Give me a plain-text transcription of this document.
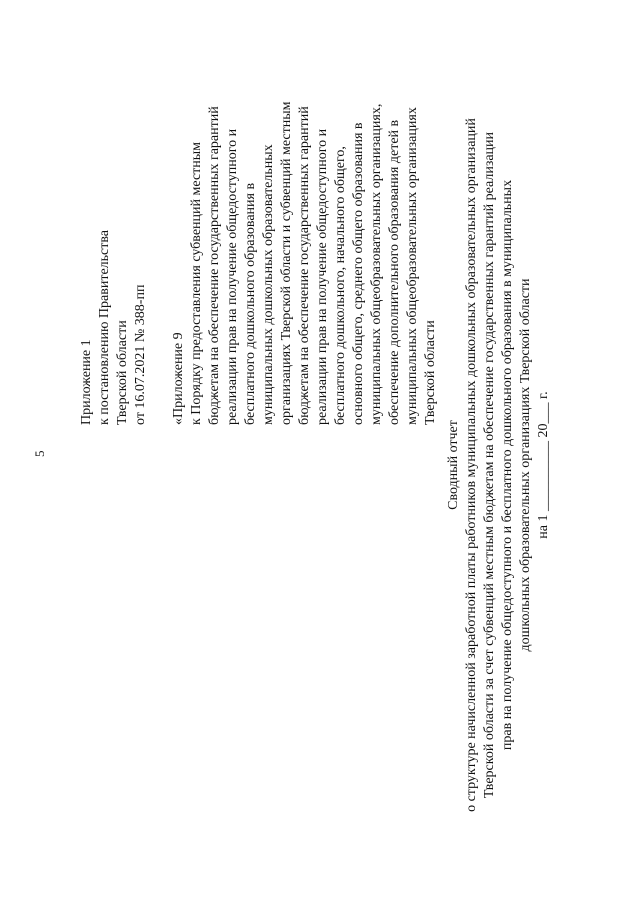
5
Приложение 1 к постановлению Правительства Тверской области от 16.07.2021 № 388-пп «Приложение 9 к Порядку предоставления субвенций местным бюджетам на обеспечение государственных гарантий реализации прав на получение общедоступного и бесплатного дошкольного образования в муниципальных дошкольных образовательных организациях Тверской области и субвенций местным бюджетам на обеспечение государственных гарантий реализации прав на получение общедоступного и бесплатного дошкольного, начального общего, основного общего, среднего общего образования в муниципальных общеобразовательных организациях, обеспечение дополнительного образования детей в муниципальных общеобразовательных организациях Тверской области
Сводный отчет о структуре начисленной заработной платы работников муниципальных дошкольных образовательных организаций Тверской области за счет субвенций местным бюджетам на обеспечение государственных гарантий реализации прав на получение общедоступного и бесплатного дошкольного образования в муниципальных дошкольных образовательных организациях Тверской области на 1 __________ 20___ г.
